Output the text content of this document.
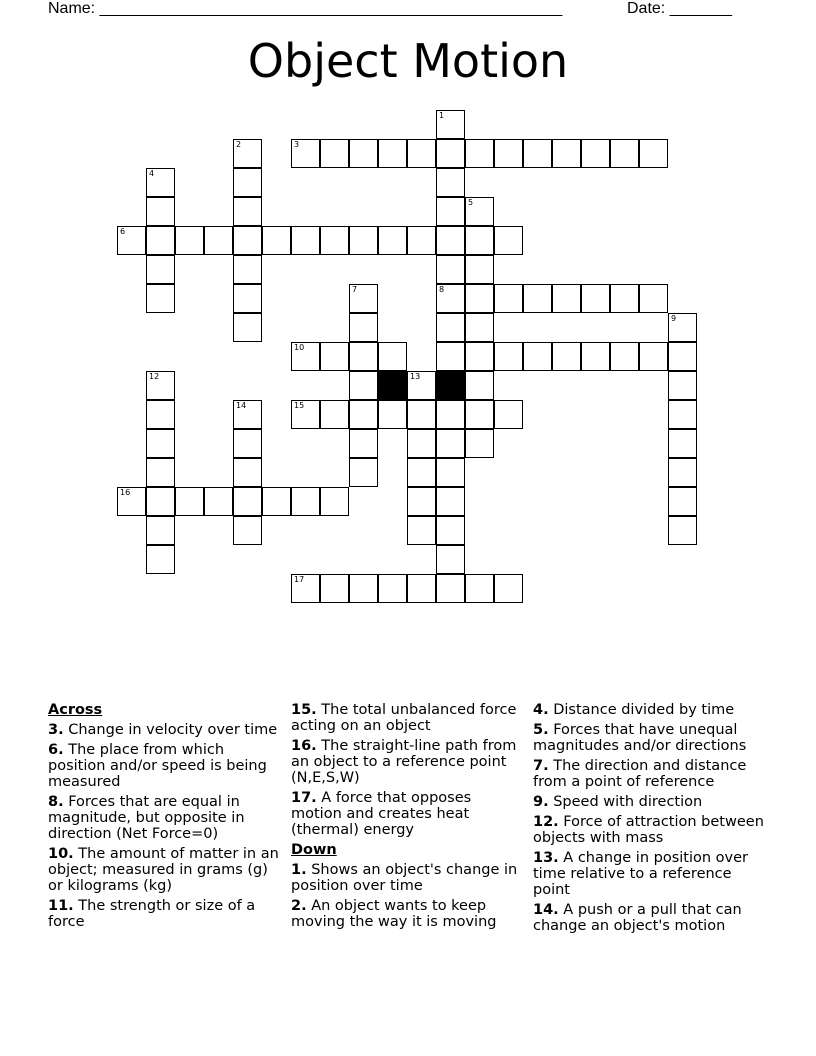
Name: ____________________________________________________	Date: _______
Object Motion
1
2	3
4
5
6
7	8
9
10
12	13
14	15
16
17
Across
3. Change in velocity over time
6. The place from which position and/or speed is being measured
8. Forces that are equal in magnitude, but opposite in direction (Net Force=0)
10. The amount of matter in an object; measured in grams (g) or kilograms (kg)
11. The strength or size of a force
15. The total unbalanced force acting on an object
16. The straight-line path from an object to a reference point (N,E,S,W)
17. A force that opposes motion and creates heat (thermal) energy
Down
1. Shows an object's change in position over time
2. An object wants to keep moving the way it is moving
4. Distance divided by time
5. Forces that have unequal magnitudes and/or directions
7. The direction and distance from a point of reference
9. Speed with direction
12. Force of attraction between objects with mass
13. A change in position over time relative to a reference point
14. A push or a pull that can change an object's motion
